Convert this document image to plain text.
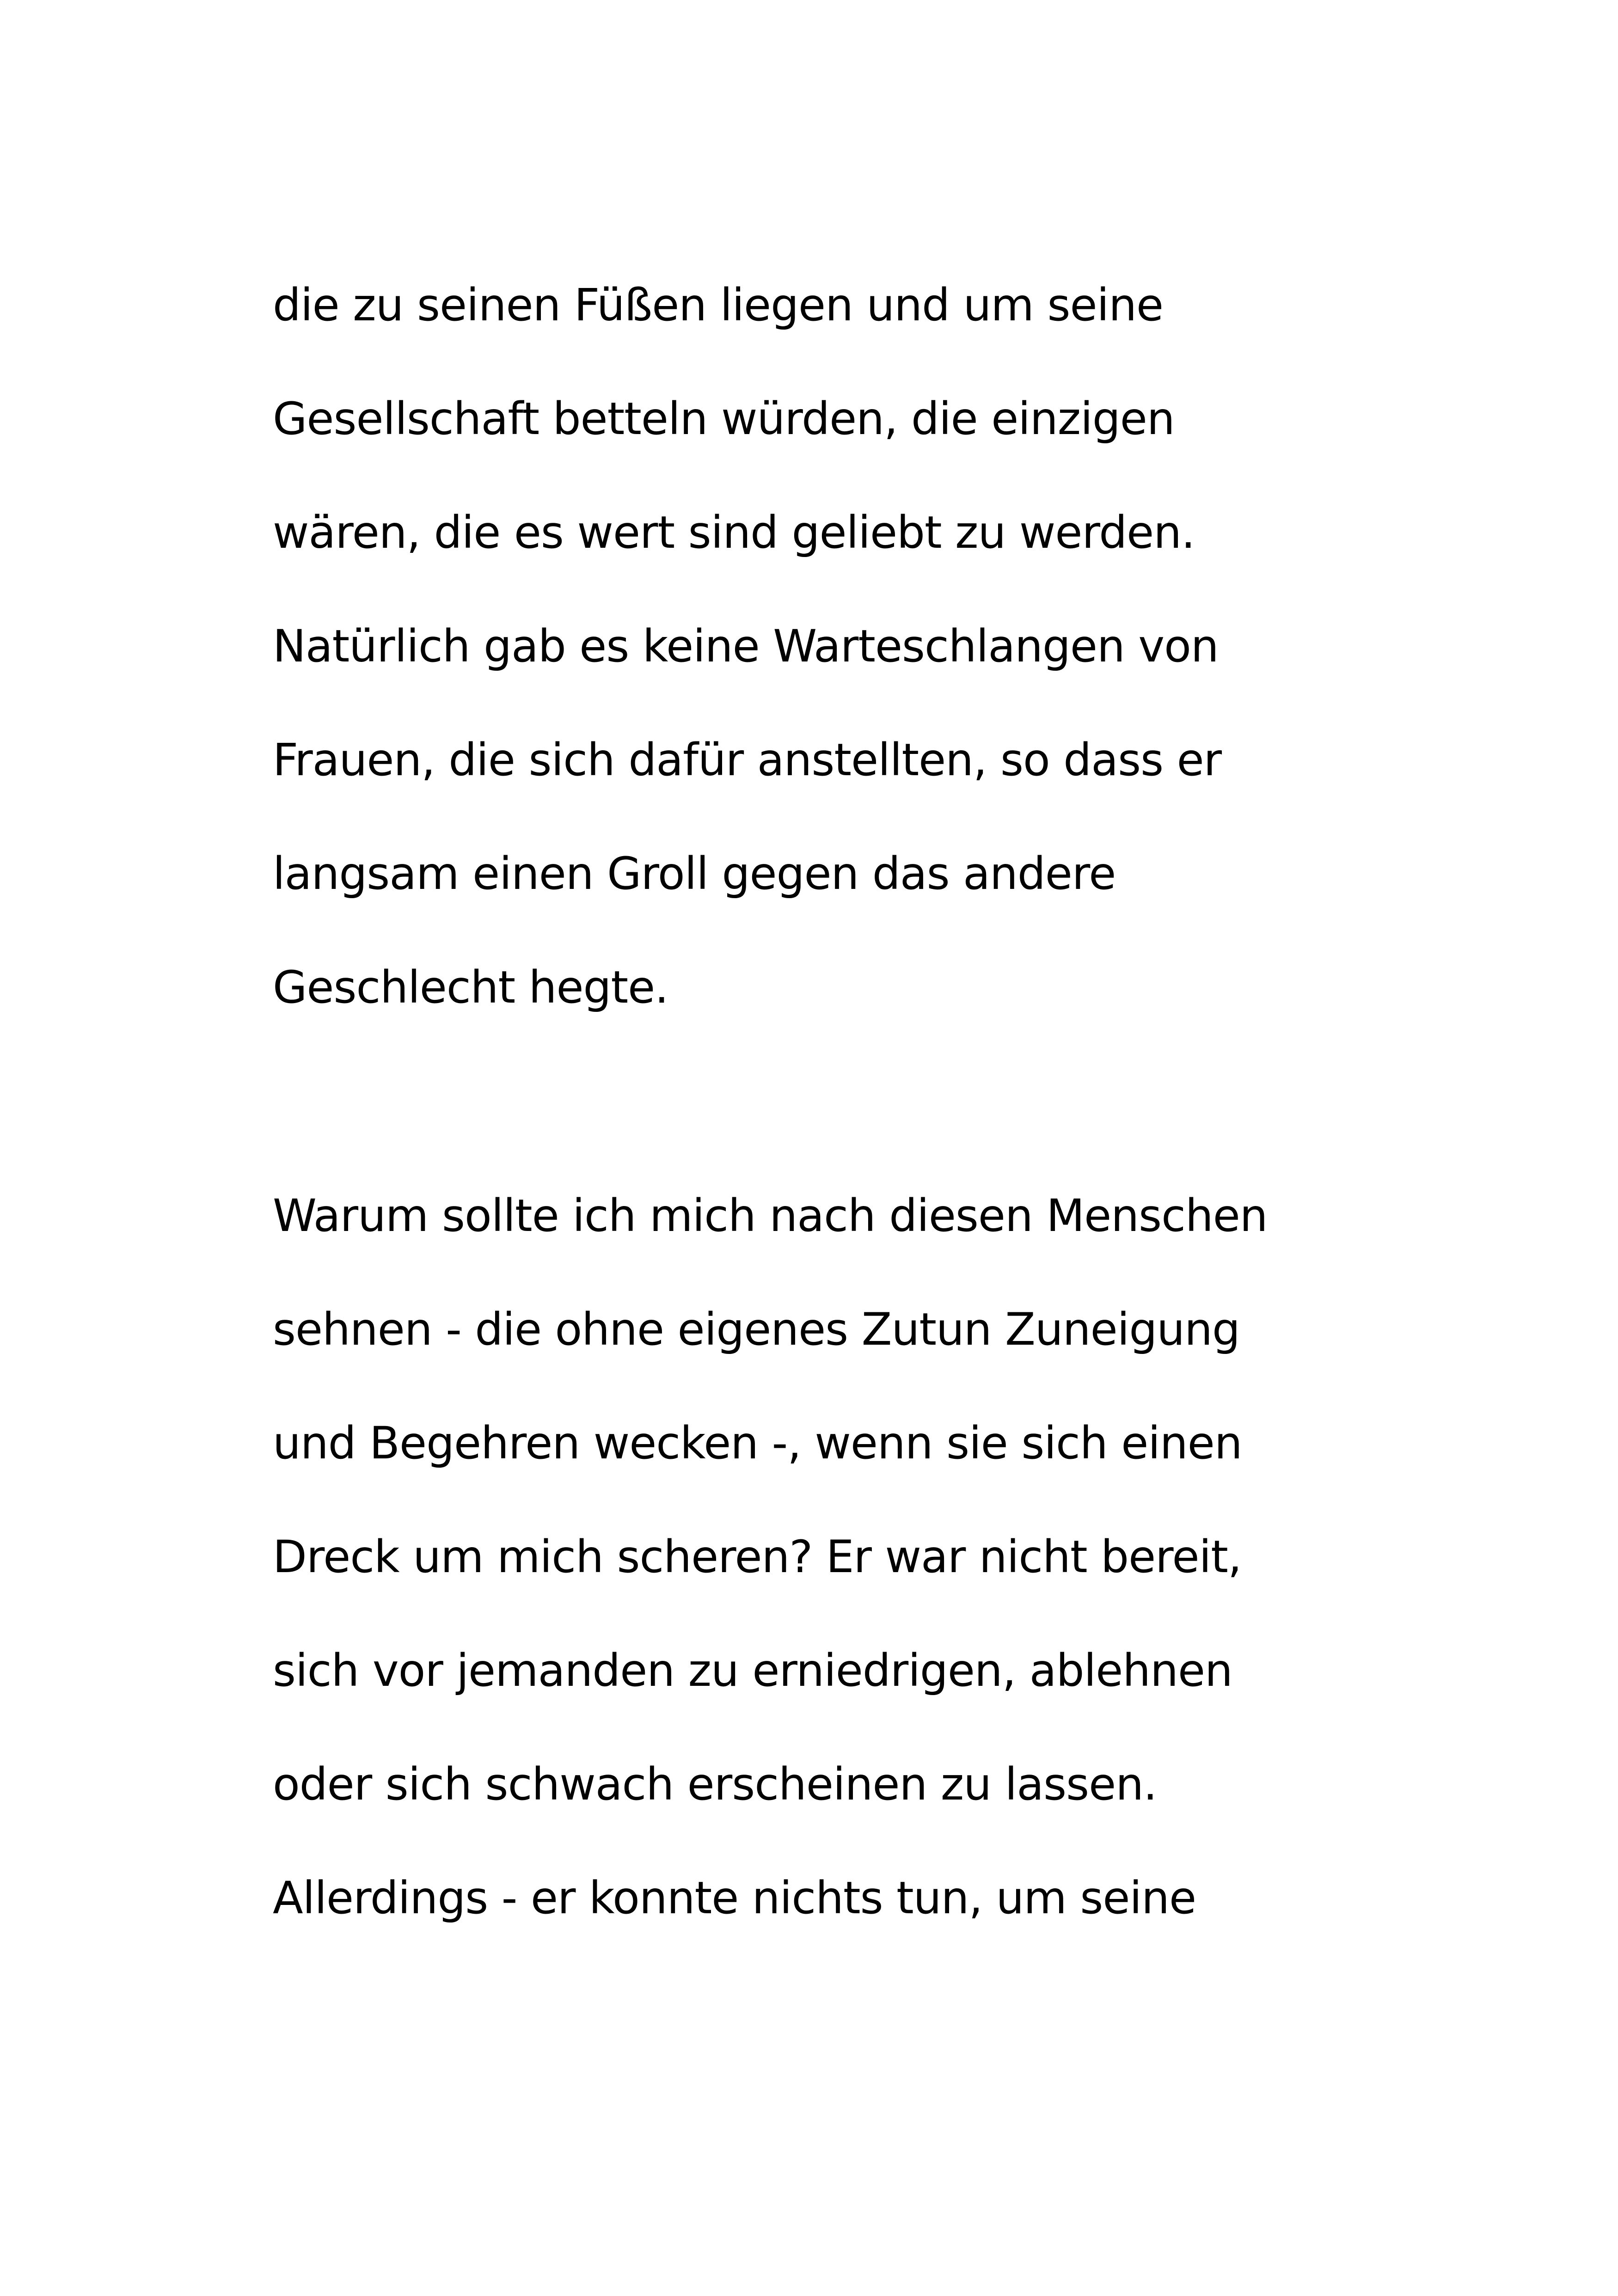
die zu seinen Füßen liegen und um seine
Gesellschaft betteln würden, die einzigen
wären, die es wert sind geliebt zu werden.
Natürlich gab es keine Warteschlangen von
Frauen, die sich dafür anstellten, so dass er
langsam einen Groll gegen das andere
Geschlecht hegte.
Warum sollte ich mich nach diesen Menschen
sehnen - die ohne eigenes Zutun Zuneigung
und Begehren wecken -, wenn sie sich einen
Dreck um mich scheren? Er war nicht bereit,
sich vor jemanden zu erniedrigen, ablehnen
oder sich schwach erscheinen zu lassen.
Allerdings - er konnte nichts tun, um seine
